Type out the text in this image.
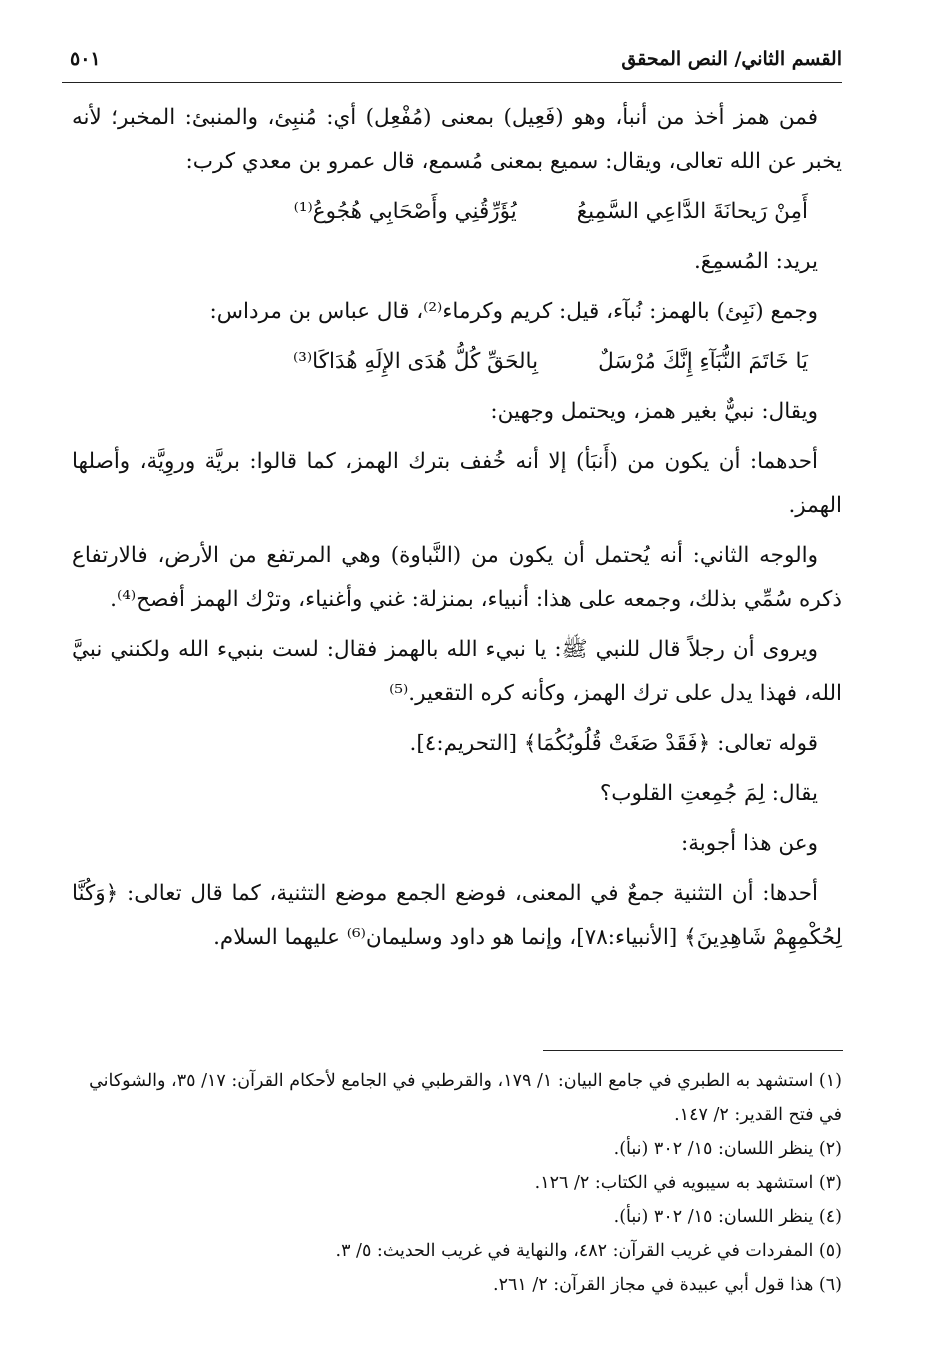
القسم الثاني/ النص المحقق
٥٠١

فمن همز أخذ من أنبأ، وهو (فَعِيل) بمعنى (مُفْعِل) أي: مُنبِئ، والمنبئ: المخبر؛ لأنه يخبر عن الله تعالى، ويقال: سميع بمعنى مُسمع، قال عمرو بن معدي كرب:

أَمِنْ رَيحانَةَ الدَّاعِي السَّمِيعُ
يُؤَرِّقُنِي وأَصْحَابِي هُجُوعُ⁽¹⁾

يريد: المُسمِعَ.

وجمع (نَبِئ) بالهمز: نُبآء، قيل: كريم وكرماء⁽²⁾، قال عباس بن مرداس:

يَا خَاتَمَ النُّبَآءِ إِنَّكَ مُرْسَلٌ
بِالحَقِّ كُلُّ هُدَى الإِلَهِ هُدَاكَا⁽³⁾

ويقال: نبيٌّ بغير همز، ويحتمل وجهين:

أحدهما: أن يكون من (أَنبَأ) إلا أنه خُفف بترك الهمز، كما قالوا: بريَّة وروِيَّة، وأصلها الهمز.

والوجه الثاني: أنه يُحتمل أن يكون من (النَّباوة) وهي المرتفع من الأرض، فالارتفاع ذكره سُمِّي بذلك، وجمعه على هذا: أنبياء، بمنزلة: غني وأغنياء، وترْك الهمز أفصح⁽⁴⁾.

ويروى أن رجلاً قال للنبي ﷺ: يا نبيء الله بالهمز فقال: لست بنبيء الله ولكنني نبيَّ الله، فهذا يدل على ترك الهمز، وكأنه كره التقعير.⁽⁵⁾

قوله تعالى: ﴿فَقَدْ صَغَتْ قُلُوبُكُمَا﴾ [التحريم:٤].

يقال: لِمَ جُمِعتِ القلوب؟

وعن هذا أجوبة:

أحدها: أن التثنية جمعٌ في المعنى، فوضع الجمع موضع التثنية، كما قال تعالى: ﴿وَكُنَّا لِحُكْمِهِمْ شَاهِدِينَ﴾ [الأنبياء:٧٨]، وإنما هو داود وسليمان⁽⁶⁾ عليهما السلام.

(١) استشهد به الطبري في جامع البيان: ١/ ١٧٩، والقرطبي في الجامع لأحكام القرآن: ١٧/ ٣٥، والشوكاني في فتح القدير: ٢/ ١٤٧.

(٢) ينظر اللسان: ١٥/ ٣٠٢ (نبأ).

(٣) استشهد به سيبويه في الكتاب: ٢/ ١٢٦.

(٤) ينظر اللسان: ١٥/ ٣٠٢ (نبأ).

(٥) المفردات في غريب القرآن: ٤٨٢، والنهاية في غريب الحديث: ٥/ ٣.

(٦) هذا قول أبي عبيدة في مجاز القرآن: ٢/ ٢٦١.
